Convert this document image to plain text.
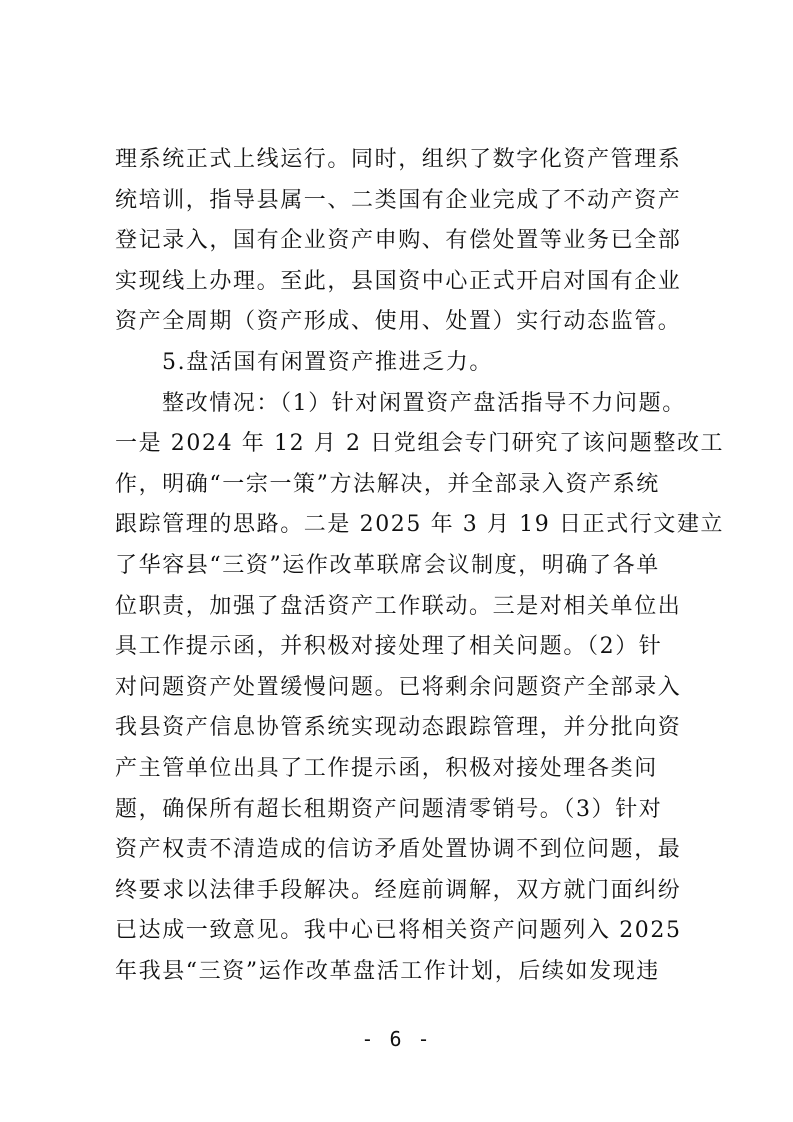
理系统正式上线运行。同时，组织了数字化资产管理系
统培训，指导县属一、二类国有企业完成了不动产资产
登记录入，国有企业资产申购、有偿处置等业务已全部
实现线上办理。至此，县国资中心正式开启对国有企业
资产全周期（资产形成、使用、处置）实行动态监管。
5.盘活国有闲置资产推进乏力。
整改情况：（1）针对闲置资产盘活指导不力问题。
一是 2024 年 12 月 2 日党组会专门研究了该问题整改工
作，明确“一宗一策”方法解决，并全部录入资产系统
跟踪管理的思路。二是 2025 年 3 月 19 日正式行文建立
了华容县“三资”运作改革联席会议制度，明确了各单
位职责，加强了盘活资产工作联动。三是对相关单位出
具工作提示函，并积极对接处理了相关问题。（2）针
对问题资产处置缓慢问题。已将剩余问题资产全部录入
我县资产信息协管系统实现动态跟踪管理，并分批向资
产主管单位出具了工作提示函，积极对接处理各类问
题，确保所有超长租期资产问题清零销号。（3）针对
资产权责不清造成的信访矛盾处置协调不到位问题，最
终要求以法律手段解决。经庭前调解，双方就门面纠纷
已达成一致意见。我中心已将相关资产问题列入 2025
年我县“三资”运作改革盘活工作计划，后续如发现违
- 6 -
